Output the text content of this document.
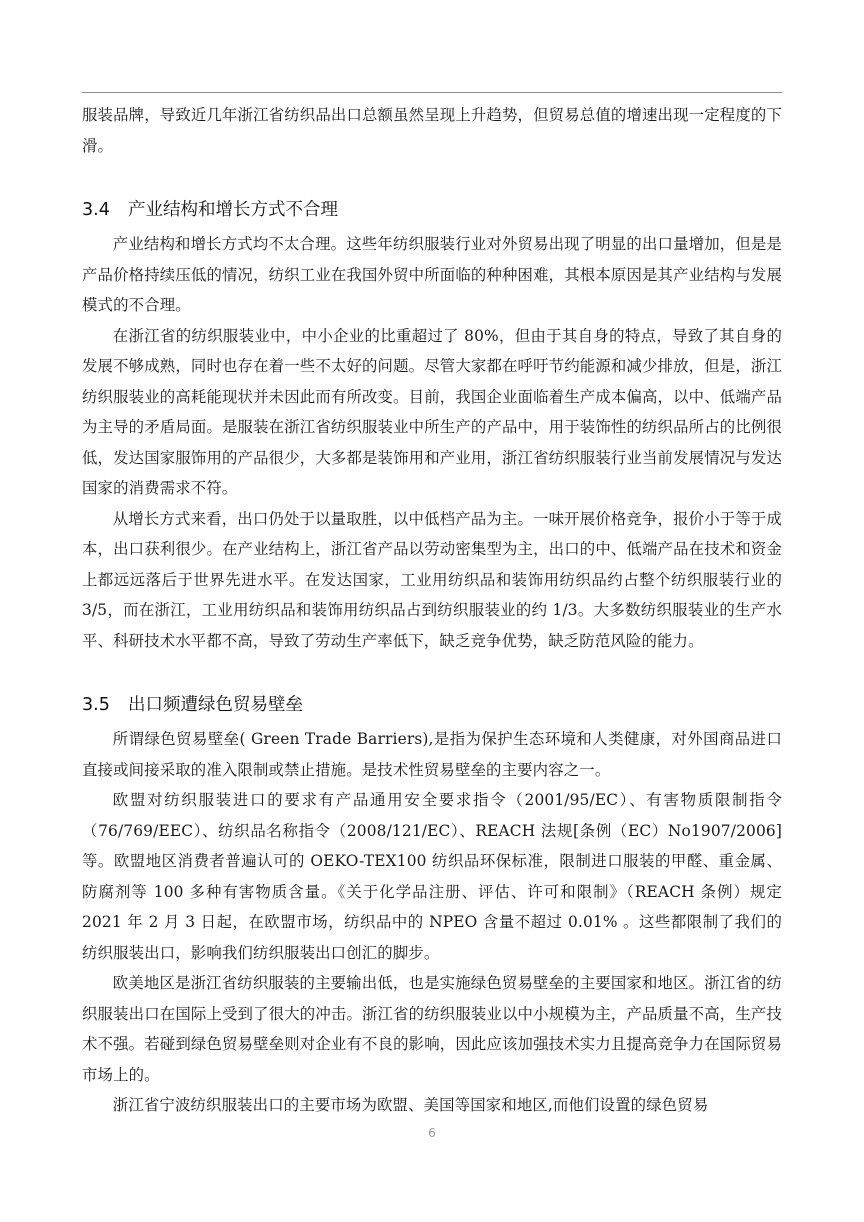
服装品牌，导致近几年浙江省纺织品出口总额虽然呈现上升趋势，但贸易总值的增速出现一定程度的下滑。

3.4 产业结构和增长方式不合理

产业结构和增长方式均不太合理。这些年纺织服装行业对外贸易出现了明显的出口量增加，但是是产品价格持续压低的情况，纺织工业在我国外贸中所面临的种种困难，其根本原因是其产业结构与发展模式的不合理。

在浙江省的纺织服装业中，中小企业的比重超过了 80%，但由于其自身的特点，导致了其自身的发展不够成熟，同时也存在着一些不太好的问题。尽管大家都在呼吁节约能源和减少排放，但是，浙江纺织服装业的高耗能现状并未因此而有所改变。目前，我国企业面临着生产成本偏高，以中、低端产品为主导的矛盾局面。是服装在浙江省纺织服装业中所生产的产品中，用于装饰性的纺织品所占的比例很低，发达国家服饰用的产品很少，大多都是装饰用和产业用，浙江省纺织服装行业当前发展情况与发达国家的消费需求不符。

从增长方式来看，出口仍处于以量取胜，以中低档产品为主。一味开展价格竞争，报价小于等于成本，出口获利很少。在产业结构上，浙江省产品以劳动密集型为主，出口的中、低端产品在技术和资金上都远远落后于世界先进水平。在发达国家，工业用纺织品和装饰用纺织品约占整个纺织服装行业的 3/5，而在浙江，工业用纺织品和装饰用纺织品占到纺织服装业的约 1/3。大多数纺织服装业的生产水平、科研技术水平都不高，导致了劳动生产率低下，缺乏竞争优势，缺乏防范风险的能力。

3.5 出口频遭绿色贸易壁垒

所谓绿色贸易壁垒( Green Trade Barriers),是指为保护生态环境和人类健康，对外国商品进口直接或间接采取的准入限制或禁止措施。是技术性贸易壁垒的主要内容之一。

欧盟对纺织服装进口的要求有产品通用安全要求指令（2001/95/EC）、有害物质限制指令（76/769/EEC）、纺织品名称指令（2008/121/EC）、REACH 法规[条例（EC）No1907/2006]等。欧盟地区消费者普遍认可的 OEKO-TEX100 纺织品环保标准，限制进口服装的甲醛、重金属、防腐剂等 100 多种有害物质含量。《关于化学品注册、评估、许可和限制》（REACH 条例）规定 2021 年 2 月 3 日起，在欧盟市场，纺织品中的 NPEO 含量不超过 0.01% 。这些都限制了我们的纺织服装出口，影响我们纺织服装出口创汇的脚步。

欧美地区是浙江省纺织服装的主要输出低，也是实施绿色贸易壁垒的主要国家和地区。浙江省的纺织服装出口在国际上受到了很大的冲击。浙江省的纺织服装业以中小规模为主，产品质量不高，生产技术不强。若碰到绿色贸易壁垒则对企业有不良的影响，因此应该加强技术实力且提高竞争力在国际贸易市场上的。

浙江省宁波纺织服装出口的主要市场为欧盟、美国等国家和地区,而他们设置的绿色贸易

6
